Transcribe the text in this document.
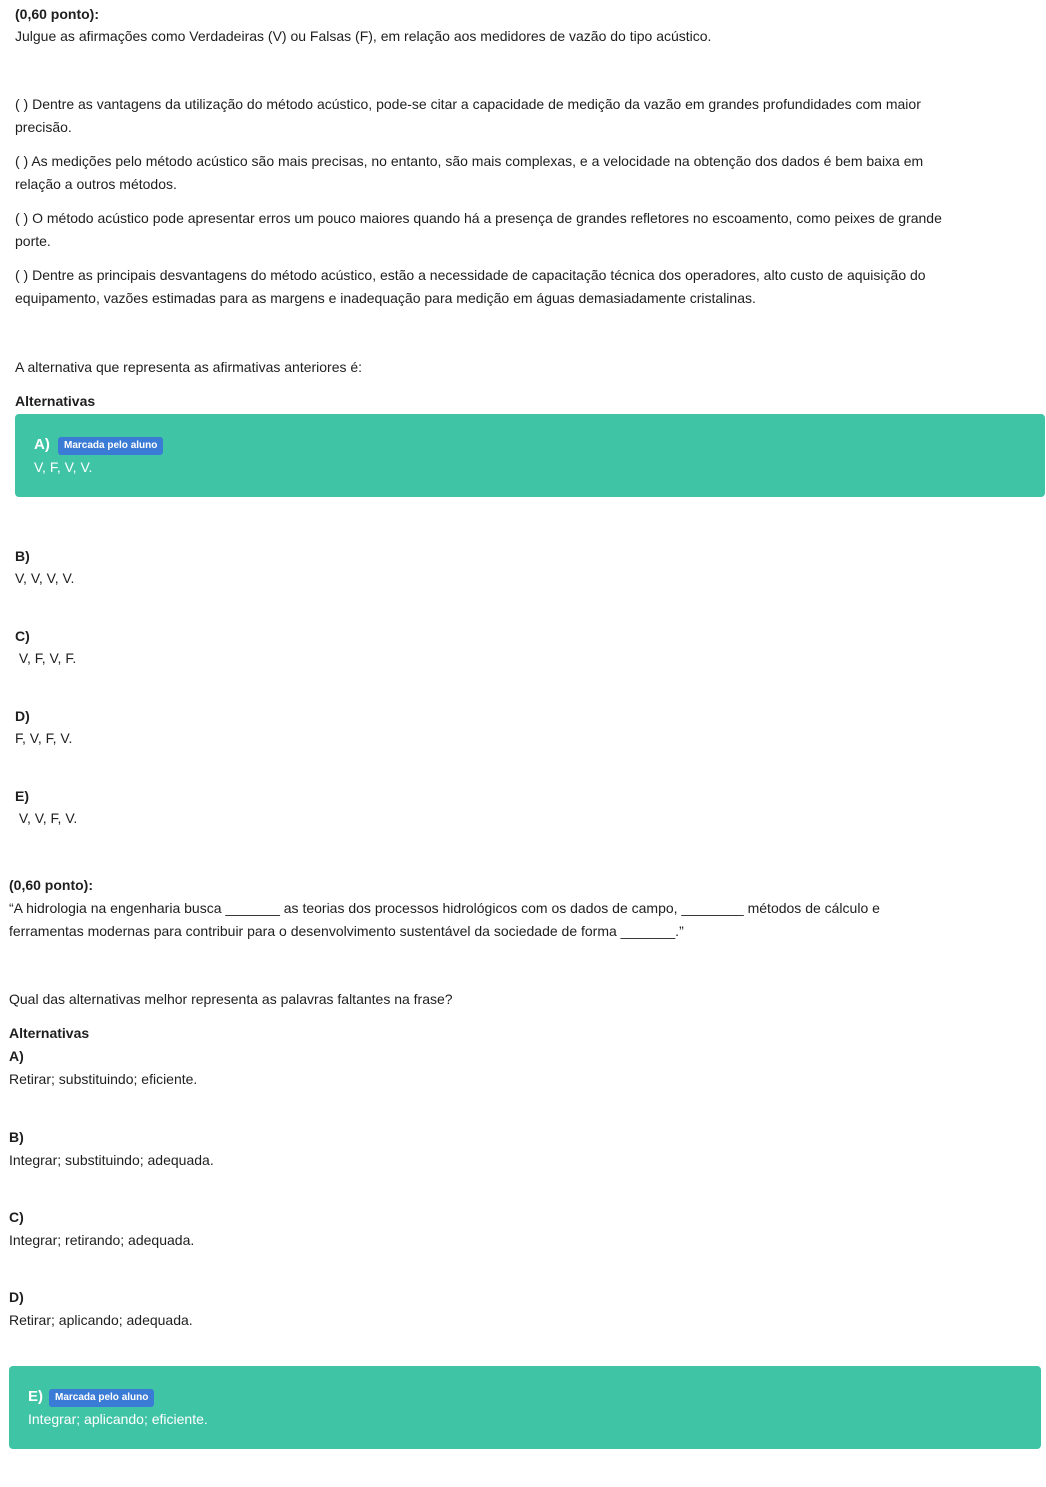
(0,60 ponto):
Julgue as afirmações como Verdadeiras (V) ou Falsas (F), em relação aos medidores de vazão do tipo acústico.
( ) Dentre as vantagens da utilização do método acústico, pode-se citar a capacidade de medição da vazão em grandes profundidades com maior
precisão.
( ) As medições pelo método acústico são mais precisas, no entanto, são mais complexas, e a velocidade na obtenção dos dados é bem baixa em
relação a outros métodos.
( ) O método acústico pode apresentar erros um pouco maiores quando há a presença de grandes refletores no escoamento, como peixes de grande
porte.
( ) Dentre as principais desvantagens do método acústico, estão a necessidade de capacitação técnica dos operadores, alto custo de aquisição do
equipamento, vazões estimadas para as margens e inadequação para medição em águas demasiadamente cristalinas.
A alternativa que representa as afirmativas anteriores é:
Alternativas
A)	Marcada pelo aluno
V, F, V, V.
B)
V, V, V, V.
C)
V, F, V, F.
D)
F, V, F, V.
E)
V, V, F, V.
(0,60 ponto):
“A hidrologia na engenharia busca _______ as teorias dos processos hidrológicos com os dados de campo, ________ métodos de cálculo e
ferramentas modernas para contribuir para o desenvolvimento sustentável da sociedade de forma _______.”
Qual das alternativas melhor representa as palavras faltantes na frase?
Alternativas
A)
Retirar; substituindo; eficiente.
B)
Integrar; substituindo; adequada.
C)
Integrar; retirando; adequada.
D)
Retirar; aplicando; adequada.
E)	Marcada pelo aluno
Integrar; aplicando; eficiente.
